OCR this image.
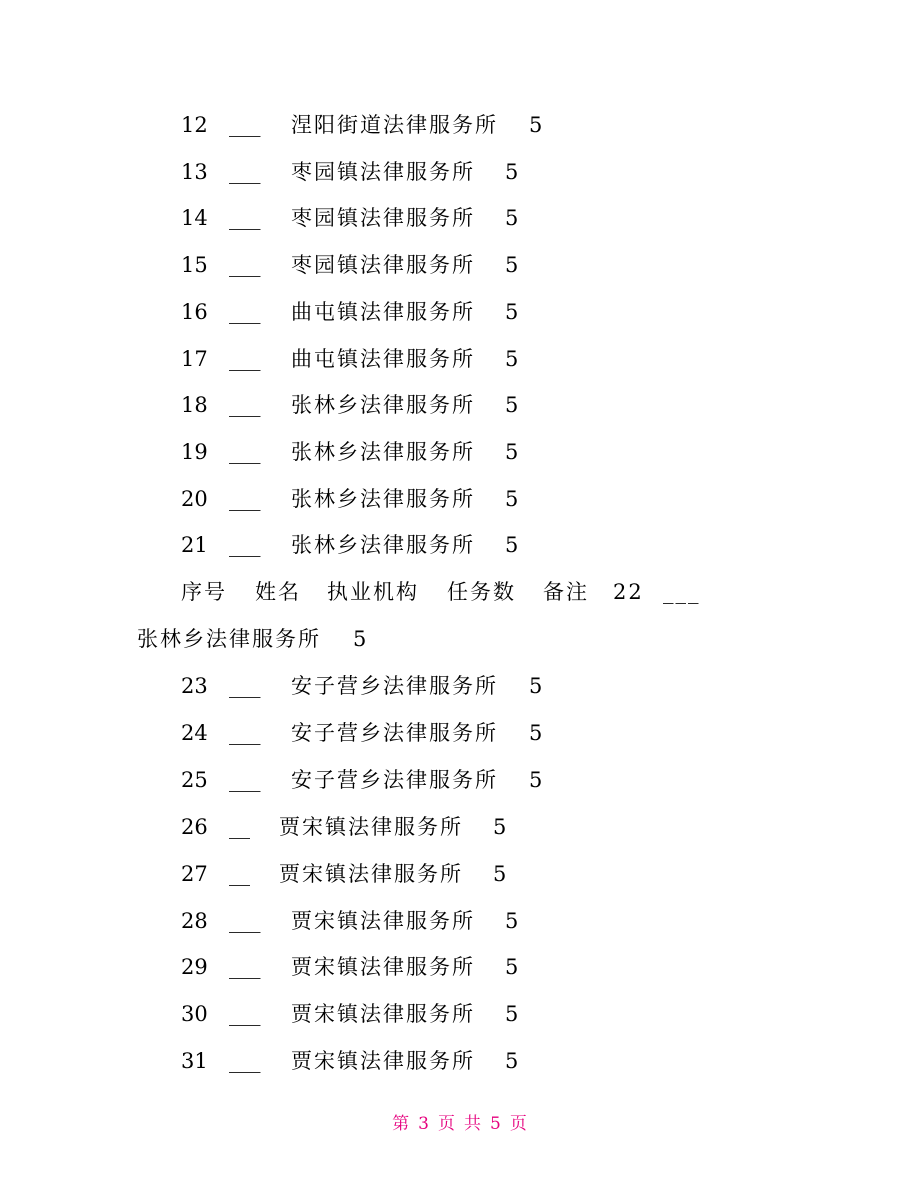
12 ___ 涅阳街道法律服务所 5
13 ___ 枣园镇法律服务所 5
14 ___ 枣园镇法律服务所 5
15 ___ 枣园镇法律服务所 5
16 ___ 曲屯镇法律服务所 5
17 ___ 曲屯镇法律服务所 5
18 ___ 张林乡法律服务所 5
19 ___ 张林乡法律服务所 5
20 ___ 张林乡法律服务所 5
21 ___ 张林乡法律服务所 5
序号 姓名 执业机构 任务数 备注 22 ___
张林乡法律服务所 5
23 ___ 安子营乡法律服务所 5
24 ___ 安子营乡法律服务所 5
25 ___ 安子营乡法律服务所 5
26 __ 贾宋镇法律服务所 5
27 __ 贾宋镇法律服务所 5
28 ___ 贾宋镇法律服务所 5
29 ___ 贾宋镇法律服务所 5
30 ___ 贾宋镇法律服务所 5
31 ___ 贾宋镇法律服务所 5
第 3 页 共 5 页
